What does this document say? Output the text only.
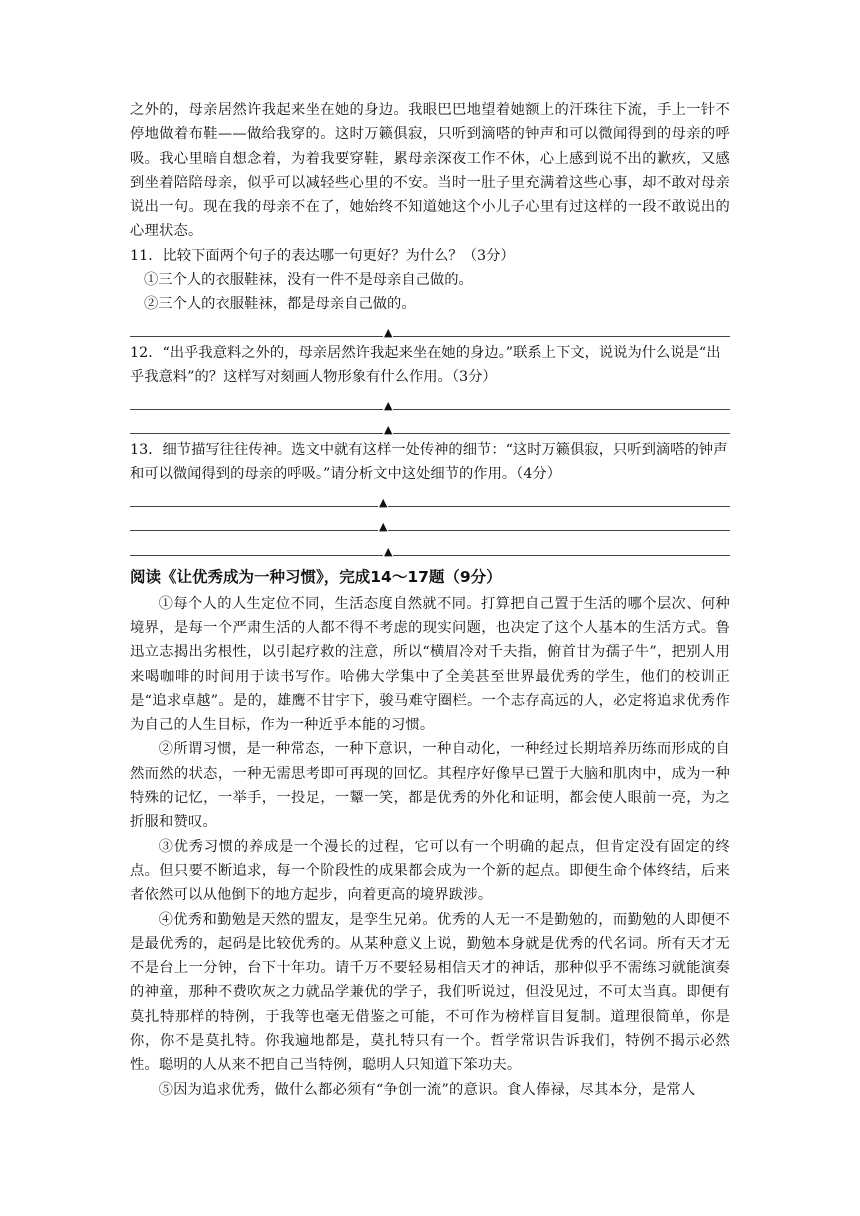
之外的，母亲居然许我起来坐在她的身边。我眼巴巴地望着她额上的汗珠往下流，手上一针不停地做着布鞋——做给我穿的。这时万籁俱寂，只听到滴嗒的钟声和可以微闻得到的母亲的呼吸。我心里暗自想念着，为着我要穿鞋，累母亲深夜工作不休，心上感到说不出的歉疚，又感到坐着陪陪母亲，似乎可以减轻些心里的不安。当时一肚子里充满着这些心事，却不敢对母亲说出一句。现在我的母亲不在了，她始终不知道她这个小儿子心里有过这样的一段不敢说出的心理状态。

11．比较下面两个句子的表达哪一句更好？为什么？（3分）

①三个人的衣服鞋袜，没有一件不是母亲自己做的。

②三个人的衣服鞋袜，都是母亲自己做的。

▲

12．“出乎我意料之外的，母亲居然许我起来坐在她的身边。”联系上下文，说说为什么说是“出乎我意料”的？这样写对刻画人物形象有什么作用。（3分）

▲
▲

13．细节描写往往传神。选文中就有这样一处传神的细节：“这时万籁俱寂，只听到滴嗒的钟声和可以微闻得到的母亲的呼吸。”请分析文中这处细节的作用。（4分）

▲
▲
▲
阅读《让优秀成为一种习惯》，完成14～17题（9分）

①每个人的人生定位不同，生活态度自然就不同。打算把自己置于生活的哪个层次、何种境界，是每一个严肃生活的人都不得不考虑的现实问题，也决定了这个人基本的生活方式。鲁迅立志揭出劣根性，以引起疗救的注意，所以“横眉冷对千夫指，俯首甘为孺子牛”，把别人用来喝咖啡的时间用于读书写作。哈佛大学集中了全美甚至世界最优秀的学生，他们的校训正是“追求卓越”。是的，雄鹰不甘宇下，骏马难守圈栏。一个志存高远的人，必定将追求优秀作为自己的人生目标，作为一种近乎本能的习惯。

②所谓习惯，是一种常态，一种下意识，一种自动化，一种经过长期培养历练而形成的自然而然的状态，一种无需思考即可再现的回忆。其程序好像早已置于大脑和肌肉中，成为一种特殊的记忆，一举手，一投足，一颦一笑，都是优秀的外化和证明，都会使人眼前一亮，为之折服和赞叹。

③优秀习惯的养成是一个漫长的过程，它可以有一个明确的起点，但肯定没有固定的终点。但只要不断追求，每一个阶段性的成果都会成为一个新的起点。即便生命个体终结，后来者依然可以从他倒下的地方起步，向着更高的境界跋涉。

④优秀和勤勉是天然的盟友，是孪生兄弟。优秀的人无一不是勤勉的，而勤勉的人即便不是最优秀的，起码是比较优秀的。从某种意义上说，勤勉本身就是优秀的代名词。所有天才无不是台上一分钟，台下十年功。请千万不要轻易相信天才的神话，那种似乎不需练习就能演奏的神童，那种不费吹灰之力就品学兼优的学子，我们听说过，但没见过，不可太当真。即便有莫扎特那样的特例，于我等也毫无借鉴之可能，不可作为榜样盲目复制。道理很简单，你是你，你不是莫扎特。你我遍地都是，莫扎特只有一个。哲学常识告诉我们，特例不揭示必然性。聪明的人从来不把自己当特例，聪明人只知道下笨功夫。

⑤因为追求优秀，做什么都必须有“争创一流”的意识。食人俸禄，尽其本分，是常人
